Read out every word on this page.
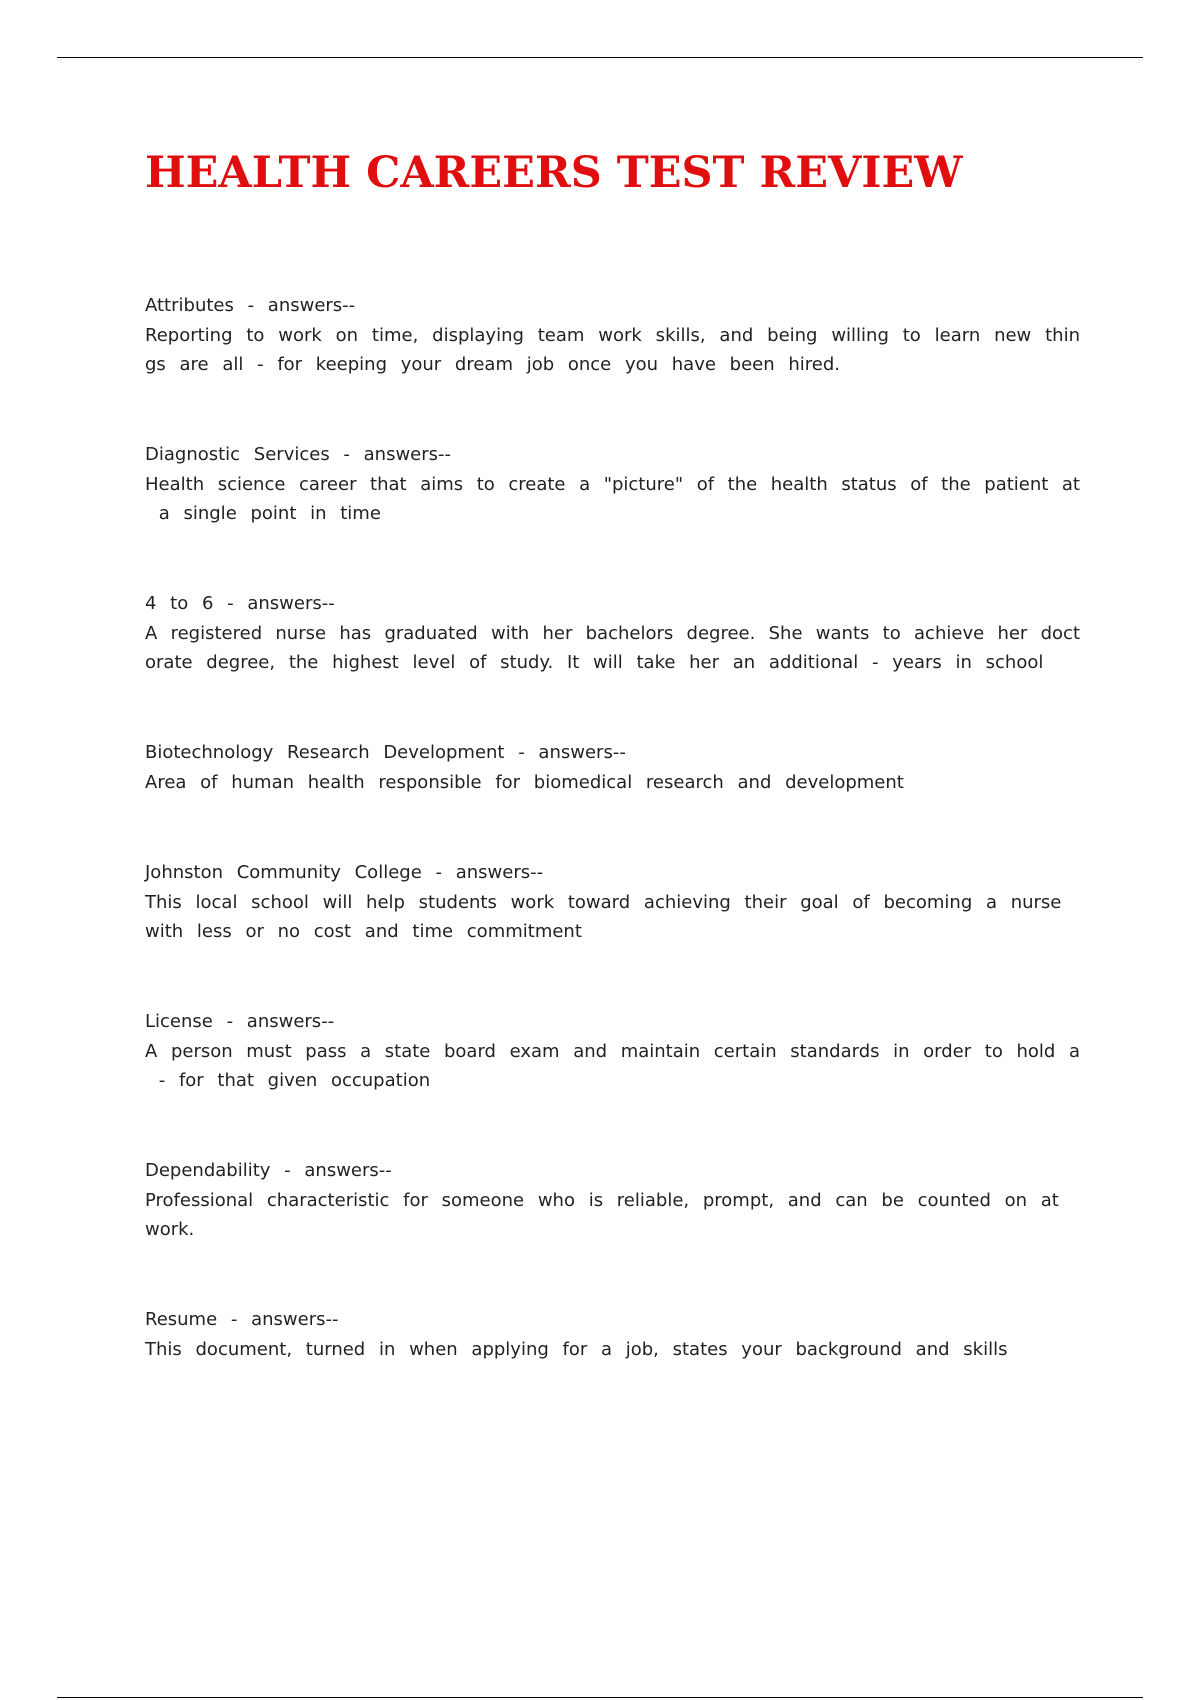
HEALTH CAREERS TEST REVIEW
Attributes - answers--
Reporting to work on time, displaying team work skills, and being willing to learn new thin
gs are all - for keeping your dream job once you have been hired.
Diagnostic Services - answers--
Health science career that aims to create a "picture" of the health status of the patient at
a single point in time
4 to 6 - answers--
A registered nurse has graduated with her bachelors degree. She wants to achieve her doct
orate degree, the highest level of study. It will take her an additional - years in school
Biotechnology Research Development - answers--
Area of human health responsible for biomedical research and development
Johnston Community College - answers--
This local school will help students work toward achieving their goal of becoming a nurse
with less or no cost and time commitment
License - answers--
A person must pass a state board exam and maintain certain standards in order to hold a
- for that given occupation
Dependability - answers--
Professional characteristic for someone who is reliable, prompt, and can be counted on at
work.
Resume - answers--
This document, turned in when applying for a job, states your background and skills
